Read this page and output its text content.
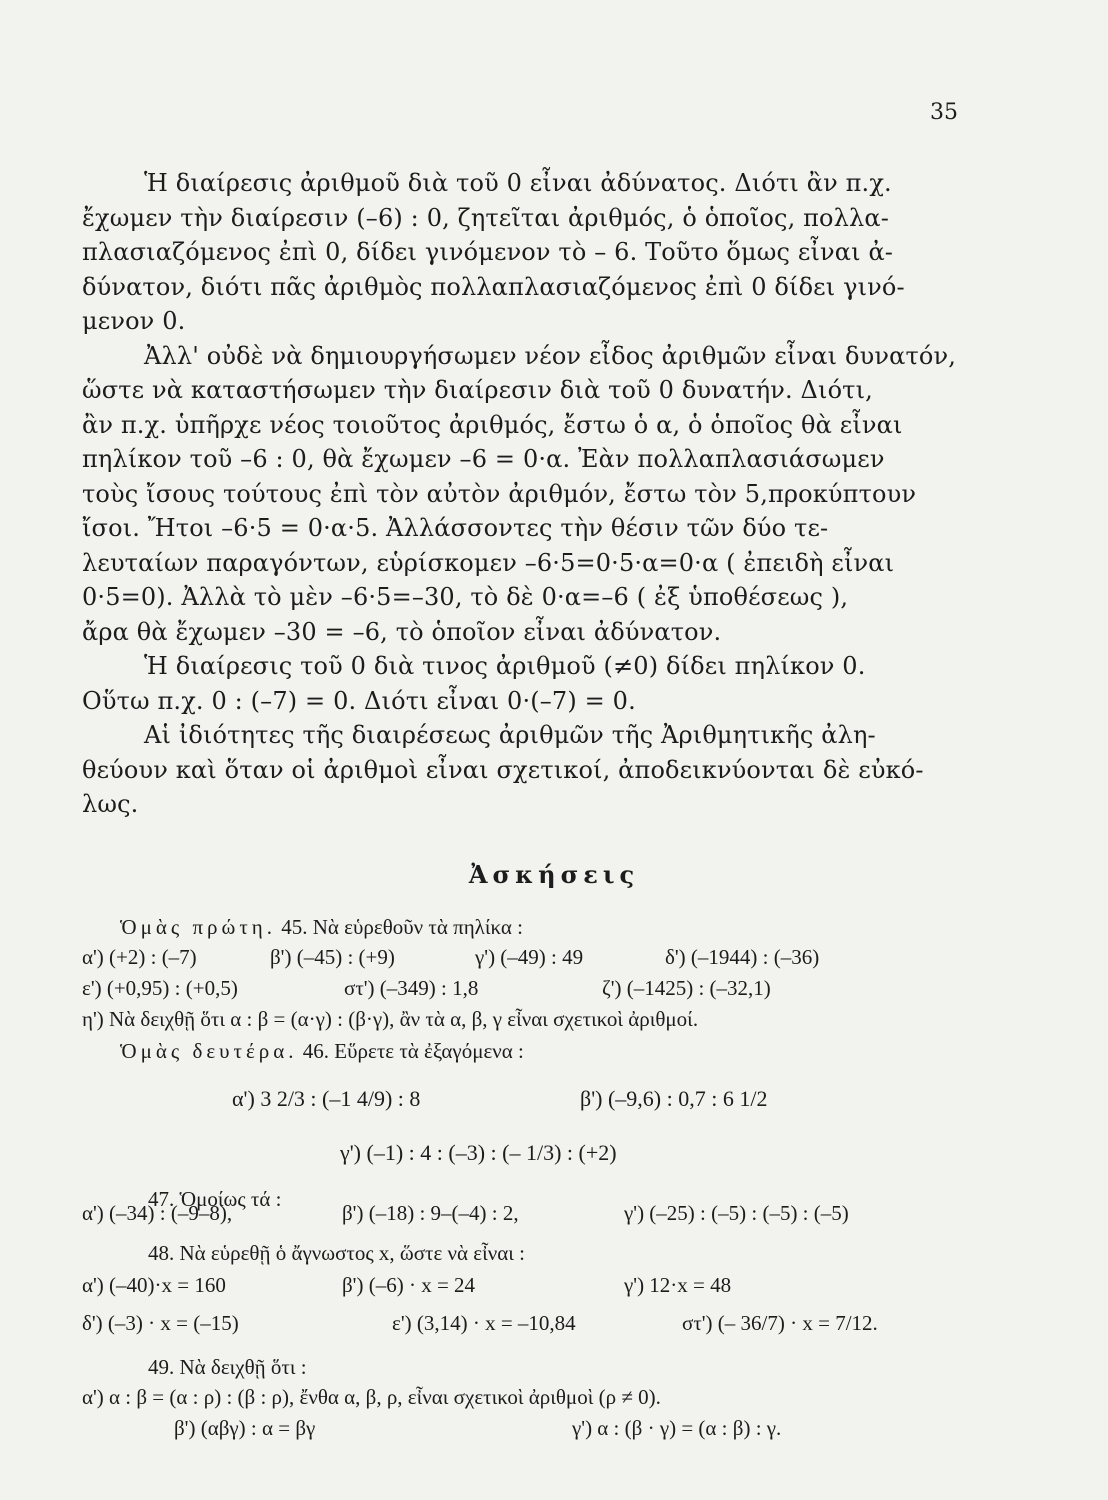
35
Ἡ διαίρεσις ἀριθμοῦ διὰ τοῦ 0 εἶναι ἀδύνατος. Διότι ἂν π.χ.
ἔχωμεν τὴν διαίρεσιν (–6) : 0, ζητεῖται ἀριθμός, ὁ ὁποῖος, πολλα-
πλασιαζόμενος ἐπὶ 0, δίδει γινόμενον τὸ – 6. Τοῦτο ὅμως εἶναι ἀ-
δύνατον, διότι πᾶς ἀριθμὸς πολλαπλασιαζόμενος ἐπὶ 0 δίδει γινό-
μενον 0.
Ἀλλ' οὐδὲ νὰ δημιουργήσωμεν νέον εἶδος ἀριθμῶν εἶναι δυνατόν,
ὥστε νὰ καταστήσωμεν τὴν διαίρεσιν διὰ τοῦ 0 δυνατήν. Διότι,
ἂν π.χ. ὑπῆρχε νέος τοιοῦτος ἀριθμός, ἔστω ὁ α, ὁ ὁποῖος θὰ εἶναι
πηλίκον τοῦ –6 : 0, θὰ ἔχωμεν –6 = 0·α. Ἐὰν πολλαπλασιάσωμεν
τοὺς ἴσους τούτους ἐπὶ τὸν αὐτὸν ἀριθμόν, ἔστω τὸν 5,προκύπτουν
ἴσοι. Ἤτοι –6·5 = 0·α·5. Ἀλλάσσοντες τὴν θέσιν τῶν δύο τε-
λευταίων παραγόντων, εὑρίσκομεν –6·5=0·5·α=0·α ( ἐπειδὴ εἶναι
0·5=0). Ἀλλὰ τὸ μὲν –6·5=–30, τὸ δὲ 0·α=–6 ( ἐξ ὑποθέσεως ),
ἄρα θὰ ἔχωμεν –30 = –6, τὸ ὁποῖον εἶναι ἀδύνατον.
Ἡ διαίρεσις τοῦ 0 διὰ τινος ἀριθμοῦ (≠0) δίδει πηλίκον 0.
Οὕτω π.χ. 0 : (–7) = 0. Διότι εἶναι 0·(–7) = 0.
Αἱ ἰδιότητες τῆς διαιρέσεως ἀριθμῶν τῆς Ἀριθμητικῆς ἀλη-
θεύουν καὶ ὅταν οἱ ἀριθμοὶ εἶναι σχετικοί, ἀποδεικνύονται δὲ εὐκό-
λως.
Ἀσκήσεις
Ὁμὰς πρώτη. 45. Νὰ εὑρεθοῦν τὰ πηλίκα :
α') (+2) : (–7)	β') (–45) : (+9)	γ') (–49) : 49	δ') (–1944) : (–36)
ε') (+0,95) : (+0,5)	στ') (–349) : 1,8	ζ') (–1425) : (–32,1)
η') Νὰ δειχθῇ ὅτι α : β = (α·γ) : (β·γ), ἂν τὰ α, β, γ εἶναι σχετικοὶ ἀριθμοί.
Ὁμὰς δευτέρα. 46. Εὕρετε τὰ ἐξαγόμενα :
α') 3 2/3 : (–1 4/9) : 8	β') (–9,6) : 0,7 : 6 1/2
γ') (–1) : 4 : (–3) : (– 1/3) : (+2)
47. Ὁμοίως τά :
α') (–34) : (–9–8),	β') (–18) : 9–(–4) : 2,	γ') (–25) : (–5) : (–5) : (–5)
48. Νὰ εὑρεθῇ ὁ ἄγνωστος x, ὥστε νὰ εἶναι :
α') (–40)·x = 160	β') (–6) · x = 24	γ') 12·x = 48
δ') (–3) · x = (–15)	ε') (3,14) · x = –10,84	στ') (– 36/7) · x = 7/12.
49. Νὰ δειχθῇ ὅτι :
α') α : β = (α : ρ) : (β : ρ), ἔνθα α, β, ρ, εἶναι σχετικοὶ ἀριθμοὶ (ρ ≠ 0).
β') (αβγ) : α = βγ	γ') α : (β · γ) = (α : β) : γ.
